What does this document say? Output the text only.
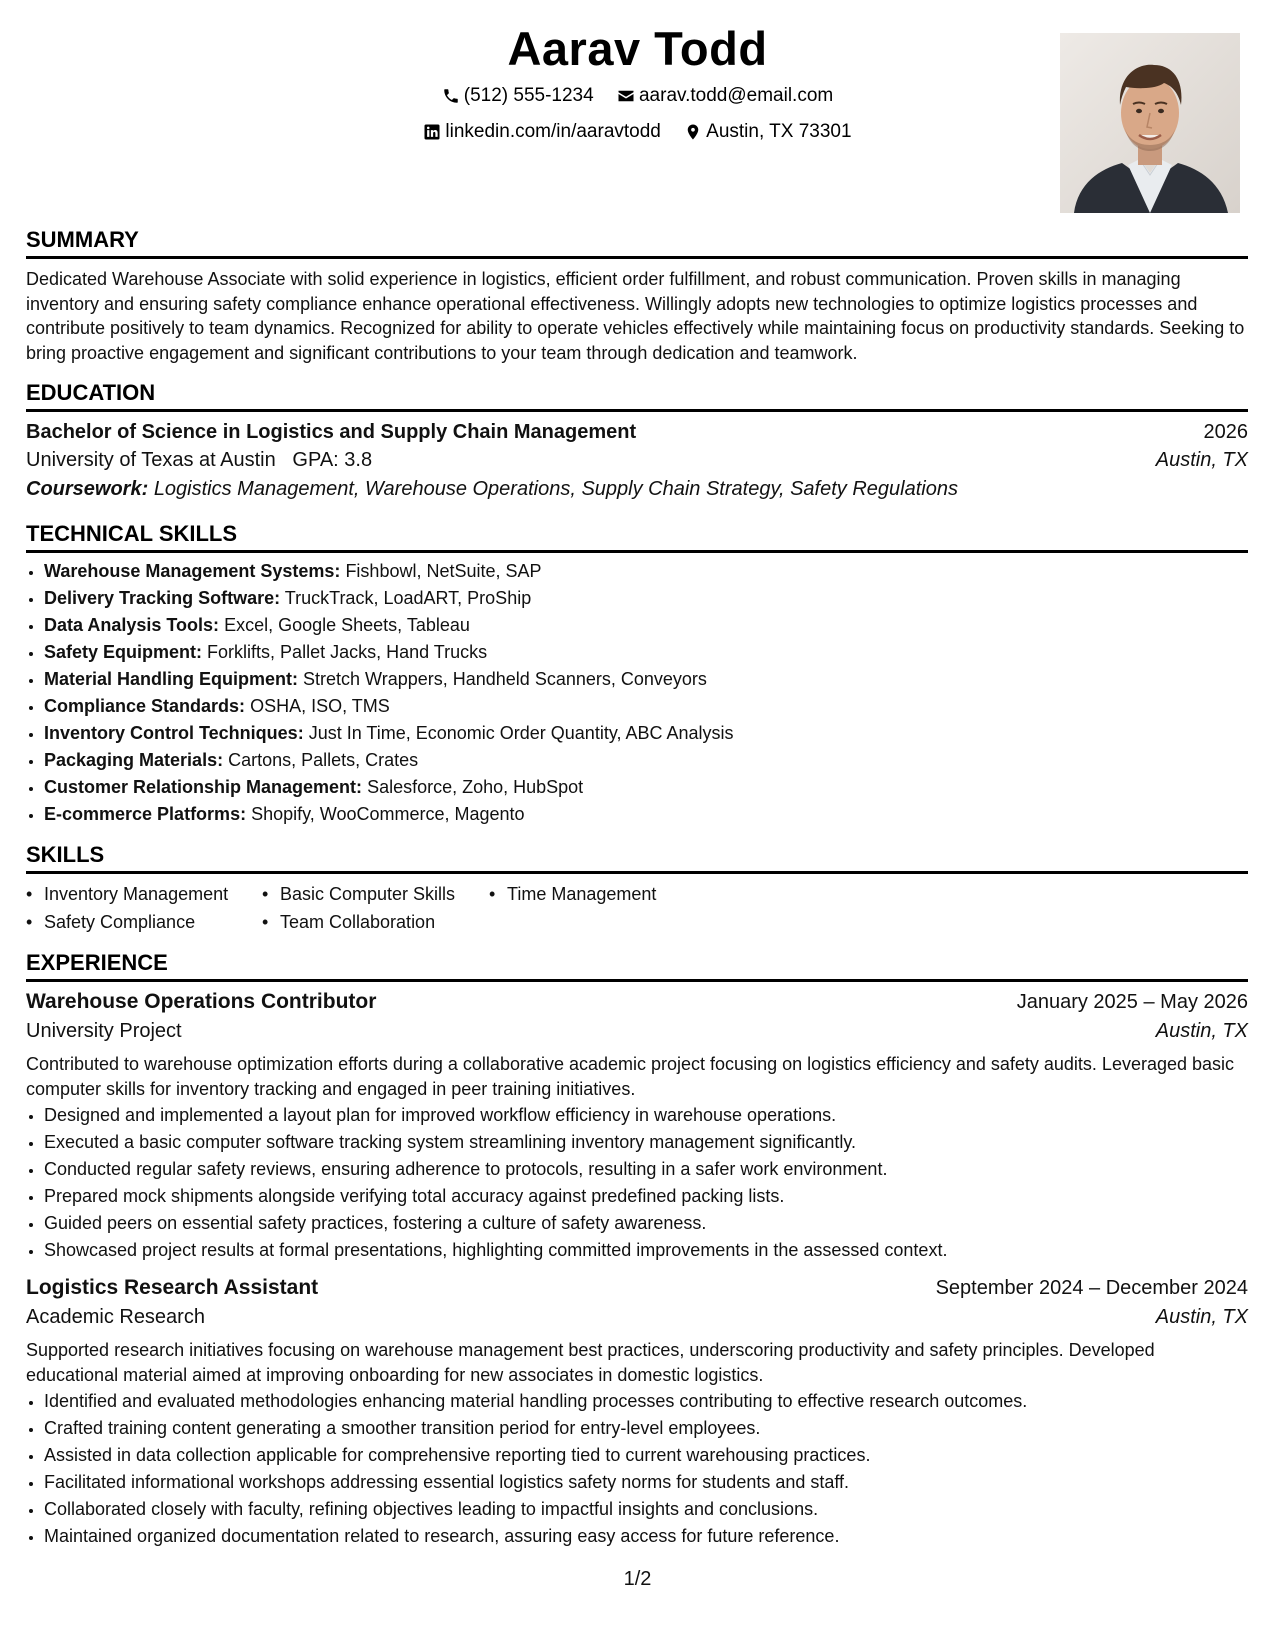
Aarav Todd
(512) 555-1234
aarav.todd@email.com
linkedin.com/in/aaravtodd
Austin, TX 73301
SUMMARY

Dedicated Warehouse Associate with solid experience in logistics, efficient order fulfillment, and robust communication. Proven skills in managing inventory and ensuring safety compliance enhance operational effectiveness. Willingly adopts new technologies to optimize logistics processes and contribute positively to team dynamics. Recognized for ability to operate vehicles effectively while maintaining focus on productivity standards. Seeking to bring proactive engagement and significant contributions to your team through dedication and teamwork.

EDUCATION
Bachelor of Science in Logistics and Supply Chain Management	2026
University of Texas at Austin GPA: 3.8	Austin, TX
Coursework: Logistics Management, Warehouse Operations, Supply Chain Strategy, Safety Regulations
TECHNICAL SKILLS
• Warehouse Management Systems: Fishbowl, NetSuite, SAP
• Delivery Tracking Software: TruckTrack, LoadART, ProShip
• Data Analysis Tools: Excel, Google Sheets, Tableau
• Safety Equipment: Forklifts, Pallet Jacks, Hand Trucks
• Material Handling Equipment: Stretch Wrappers, Handheld Scanners, Conveyors
• Compliance Standards: OSHA, ISO, TMS
• Inventory Control Techniques: Just In Time, Economic Order Quantity, ABC Analysis
• Packaging Materials: Cartons, Pallets, Crates
• Customer Relationship Management: Salesforce, Zoho, HubSpot
• E-commerce Platforms: Shopify, WooCommerce, Magento
SKILLS
• Inventory Management	• Basic Computer Skills	• Time Management
• Safety Compliance	• Team Collaboration
EXPERIENCE
Warehouse Operations Contributor	January 2025 – May 2026
University Project	Austin, TX

Contributed to warehouse optimization efforts during a collaborative academic project focusing on logistics efficiency and safety audits. Leveraged basic computer skills for inventory tracking and engaged in peer training initiatives.

• Designed and implemented a layout plan for improved workflow efficiency in warehouse operations.
• Executed a basic computer software tracking system streamlining inventory management significantly.
• Conducted regular safety reviews, ensuring adherence to protocols, resulting in a safer work environment.
• Prepared mock shipments alongside verifying total accuracy against predefined packing lists.
• Guided peers on essential safety practices, fostering a culture of safety awareness.
• Showcased project results at formal presentations, highlighting committed improvements in the assessed context.
Logistics Research Assistant	September 2024 – December 2024
Academic Research	Austin, TX

Supported research initiatives focusing on warehouse management best practices, underscoring productivity and safety principles. Developed educational material aimed at improving onboarding for new associates in domestic logistics.

• Identified and evaluated methodologies enhancing material handling processes contributing to effective research outcomes.
• Crafted training content generating a smoother transition period for entry-level employees.
• Assisted in data collection applicable for comprehensive reporting tied to current warehousing practices.
• Facilitated informational workshops addressing essential logistics safety norms for students and staff.
• Collaborated closely with faculty, refining objectives leading to impactful insights and conclusions.
• Maintained organized documentation related to research, assuring easy access for future reference.
1/2
